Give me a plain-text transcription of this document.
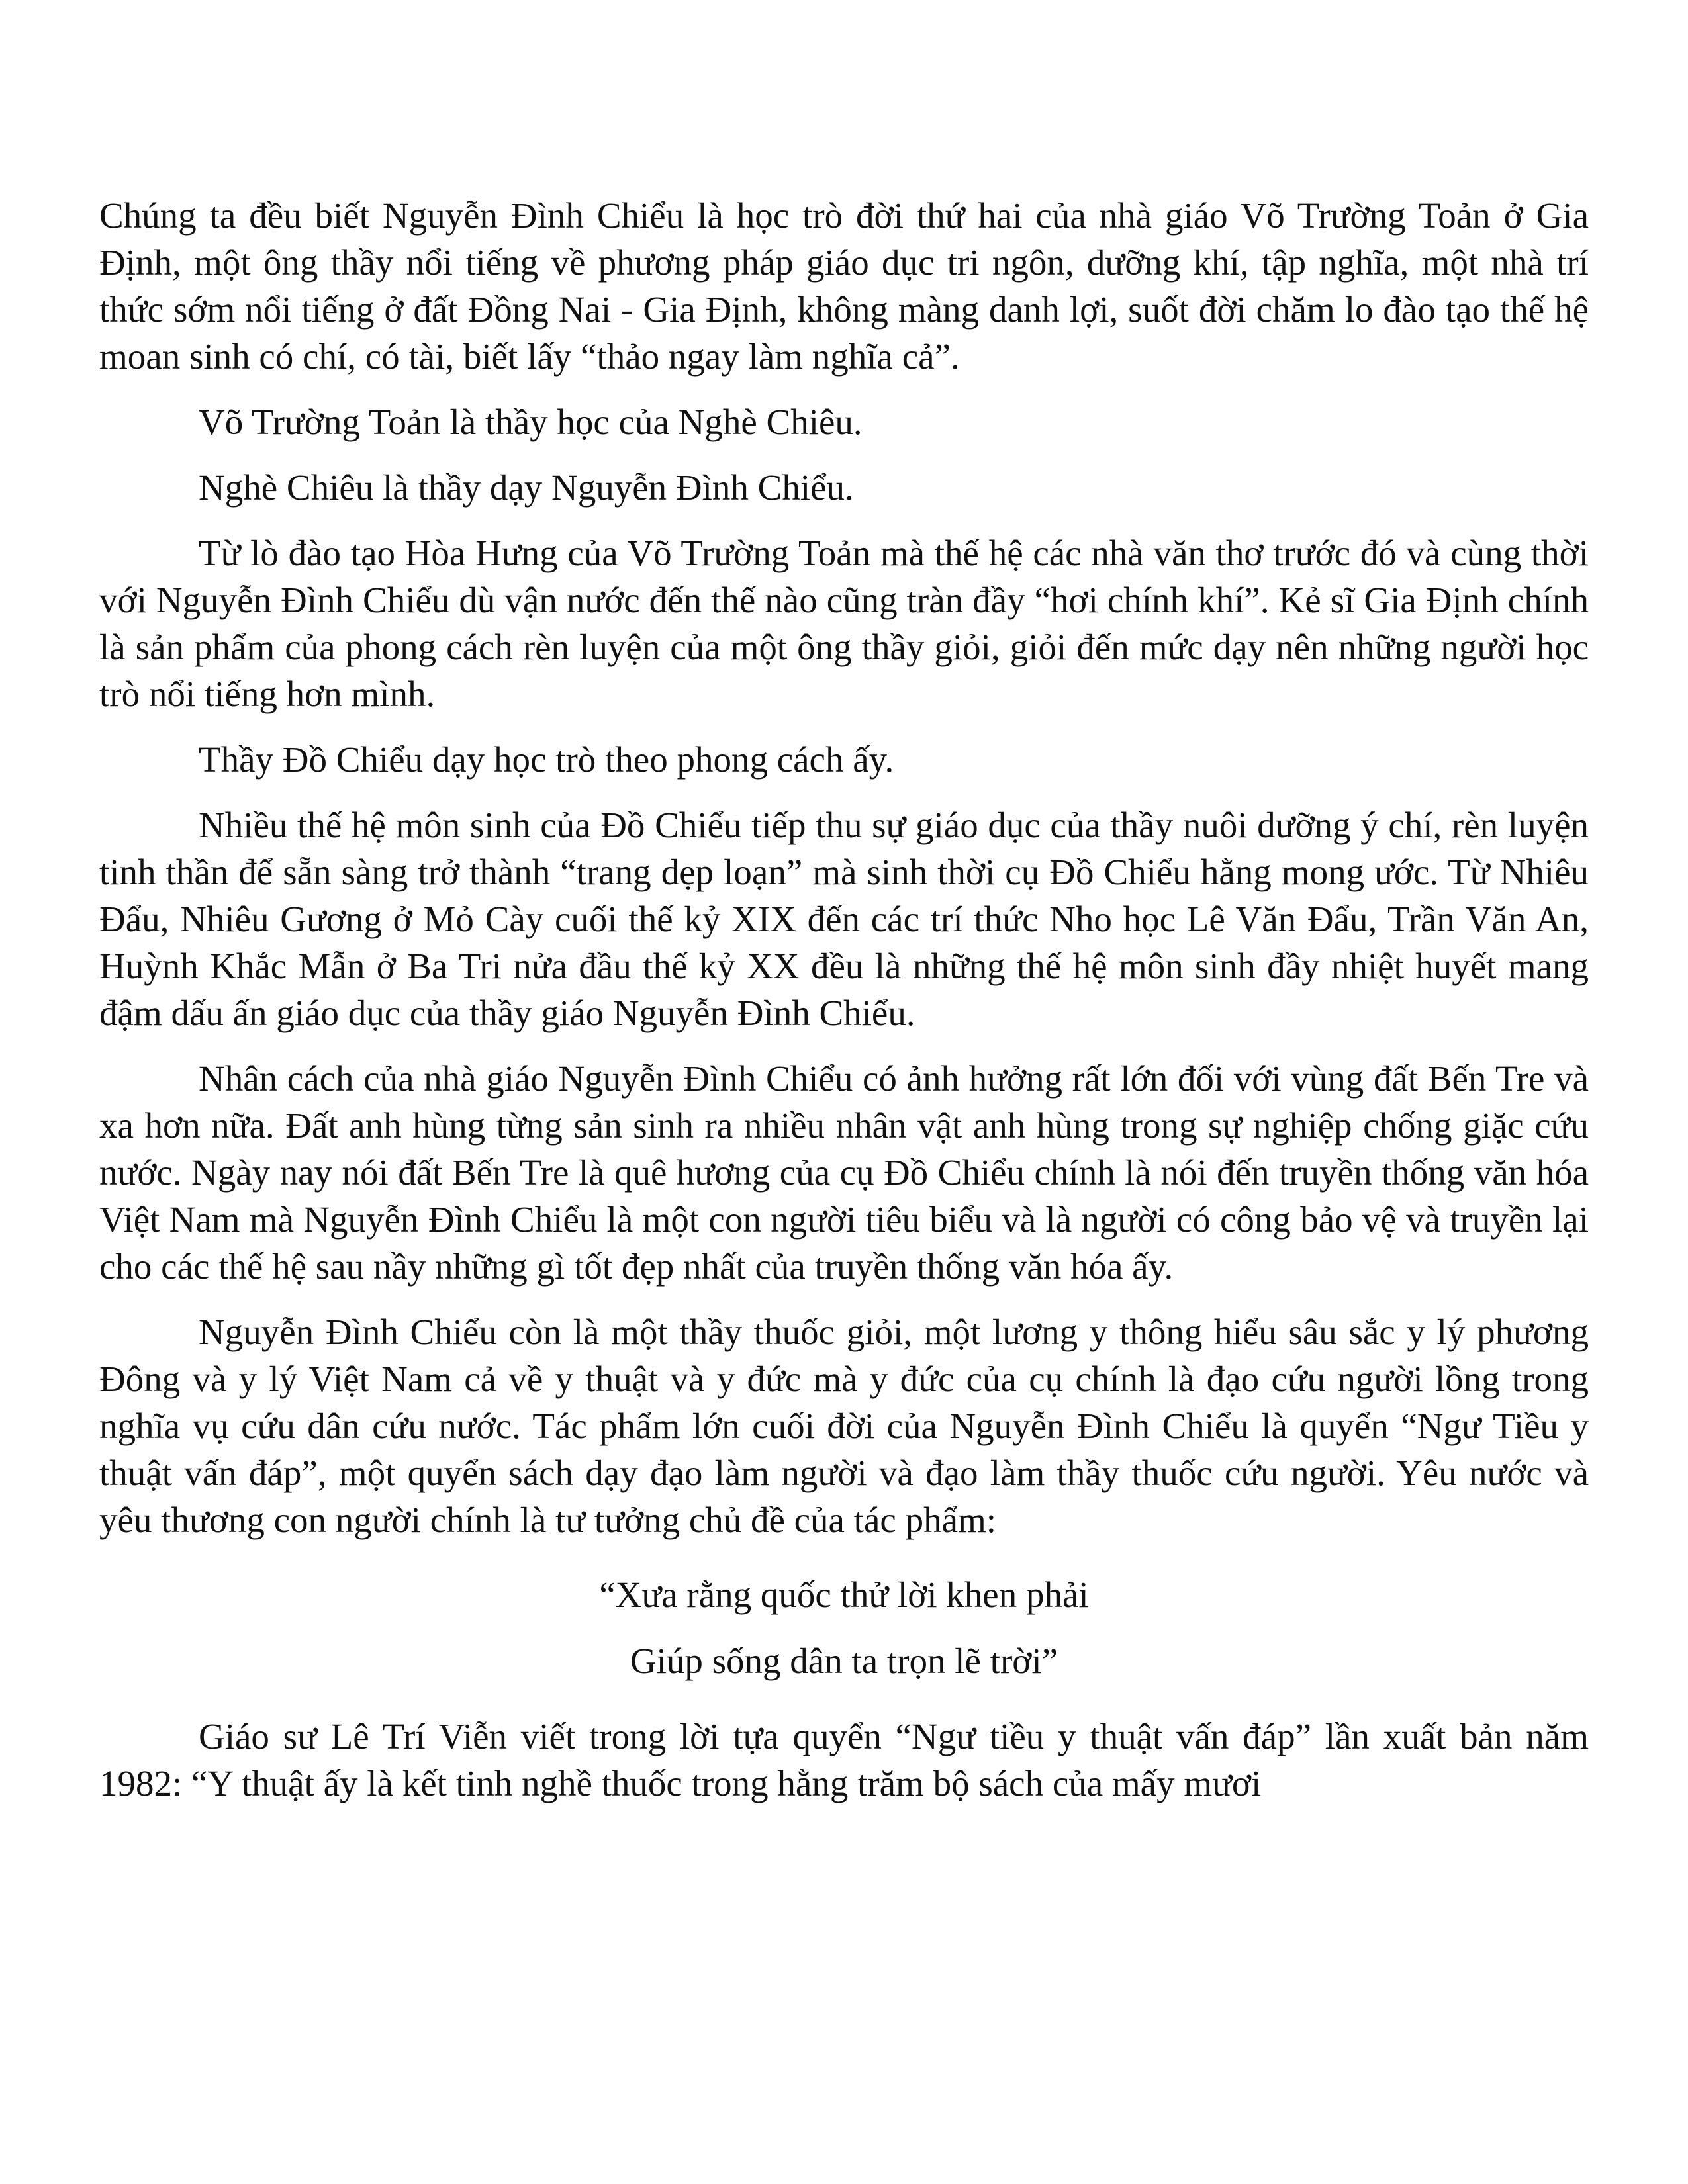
Chúng ta đều biết Nguyễn Đình Chiểu là học trò đời thứ hai của nhà giáo Võ Trường Toản ở Gia Định, một ông thầy nổi tiếng về phương pháp giáo dục tri ngôn, dưỡng khí, tập nghĩa, một nhà trí thức sớm nổi tiếng ở đất Đồng Nai - Gia Định, không màng danh lợi, suốt đời chăm lo đào tạo thế hệ moan sinh có chí, có tài, biết lấy “thảo ngay làm nghĩa cả”.

Võ Trường Toản là thầy học của Nghè Chiêu.

Nghè Chiêu là thầy dạy Nguyễn Đình Chiểu.

Từ lò đào tạo Hòa Hưng của Võ Trường Toản mà thế hệ các nhà văn thơ trước đó và cùng thời với Nguyễn Đình Chiểu dù vận nước đến thế nào cũng tràn đầy “hơi chính khí”. Kẻ sĩ Gia Định chính là sản phẩm của phong cách rèn luyện của một ông thầy giỏi, giỏi đến mức dạy nên những người học trò nổi tiếng hơn mình.

Thầy Đồ Chiểu dạy học trò theo phong cách ấy.

Nhiều thế hệ môn sinh của Đồ Chiểu tiếp thu sự giáo dục của thầy nuôi dưỡng ý chí, rèn luyện tinh thần để sẵn sàng trở thành “trang dẹp loạn” mà sinh thời cụ Đồ Chiểu hằng mong ước. Từ Nhiêu Đẩu, Nhiêu Gương ở Mỏ Cày cuối thế kỷ XIX đến các trí thức Nho học Lê Văn Đẩu, Trần Văn An, Huỳnh Khắc Mẫn ở Ba Tri nửa đầu thế kỷ XX đều là những thế hệ môn sinh đầy nhiệt huyết mang đậm dấu ấn giáo dục của thầy giáo Nguyễn Đình Chiểu.

Nhân cách của nhà giáo Nguyễn Đình Chiểu có ảnh hưởng rất lớn đối với vùng đất Bến Tre và xa hơn nữa. Đất anh hùng từng sản sinh ra nhiều nhân vật anh hùng trong sự nghiệp chống giặc cứu nước. Ngày nay nói đất Bến Tre là quê hương của cụ Đồ Chiểu chính là nói đến truyền thống văn hóa Việt Nam mà Nguyễn Đình Chiểu là một con người tiêu biểu và là người có công bảo vệ và truyền lại cho các thế hệ sau nầy những gì tốt đẹp nhất của truyền thống văn hóa ấy.

Nguyễn Đình Chiểu còn là một thầy thuốc giỏi, một lương y thông hiểu sâu sắc y lý phương Đông và y lý Việt Nam cả về y thuật và y đức mà y đức của cụ chính là đạo cứu người lồng trong nghĩa vụ cứu dân cứu nước. Tác phẩm lớn cuối đời của Nguyễn Đình Chiểu là quyển “Ngư Tiều y thuật vấn đáp”, một quyển sách dạy đạo làm người và đạo làm thầy thuốc cứu người. Yêu nước và yêu thương con người chính là tư tưởng chủ đề của tác phẩm:

“Xưa rằng quốc thử lời khen phải
Giúp sống dân ta trọn lẽ trời”

Giáo sư Lê Trí Viễn viết trong lời tựa quyển “Ngư tiều y thuật vấn đáp” lần xuất bản năm 1982: “Y thuật ấy là kết tinh nghề thuốc trong hằng trăm bộ sách của mấy mươi
